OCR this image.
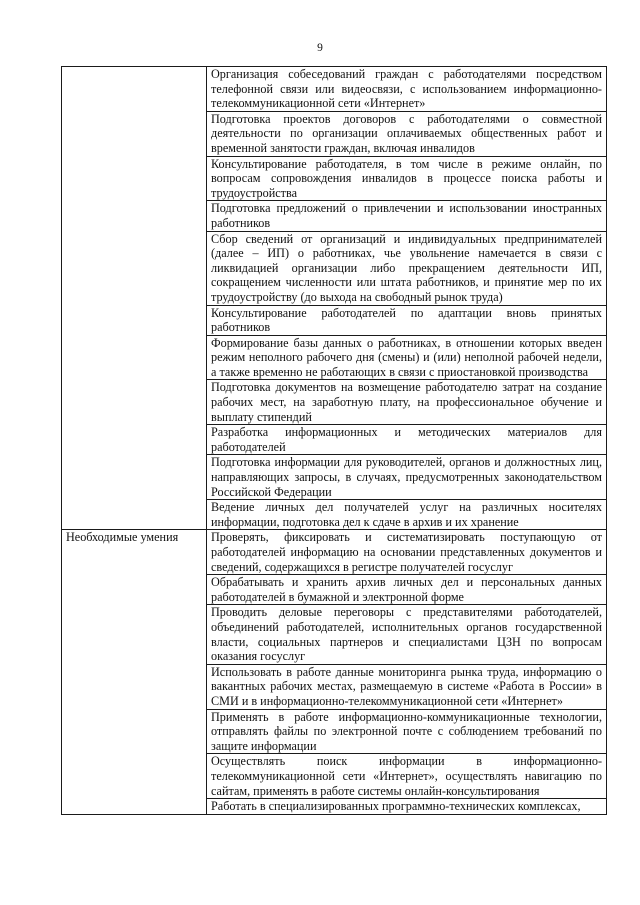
9
	Организация собеседований граждан с работодателями посредством телефонной связи или видеосвязи, с использованием информационно-телекоммуникационной сети «Интернет»
	Подготовка проектов договоров с работодателями о совместной деятельности по организации оплачиваемых общественных работ и временной занятости граждан, включая инвалидов
	Консультирование работодателя, в том числе в режиме онлайн, по вопросам сопровождения инвалидов в процессе поиска работы и трудоустройства
	Подготовка предложений о привлечении и использовании иностранных работников
	Сбор сведений от организаций и индивидуальных предпринимателей (далее – ИП) о работниках, чье увольнение намечается в связи с ликвидацией организации либо прекращением деятельности ИП, сокращением численности или штата работников, и принятие мер по их трудоустройству (до выхода на свободный рынок труда)
	Консультирование работодателей по адаптации вновь принятых работников
	Формирование базы данных о работниках, в отношении которых введен режим неполного рабочего дня (смены) и (или) неполной рабочей недели, а также временно не работающих в связи с приостановкой производства
	Подготовка документов на возмещение работодателю затрат на создание рабочих мест, на заработную плату, на профессиональное обучение и выплату стипендий
	Разработка информационных и методических материалов для работодателей
	Подготовка информации для руководителей, органов и должностных лиц, направляющих запросы, в случаях, предусмотренных законодательством Российской Федерации
	Ведение личных дел получателей услуг на различных носителях информации, подготовка дел к сдаче в архив и их хранение

Необходимые умения	Проверять, фиксировать и систематизировать поступающую от работодателей информацию на основании представленных документов и сведений, содержащихся в регистре получателей госуслуг
	Обрабатывать и хранить архив личных дел и персональных данных работодателей в бумажной и электронной форме
	Проводить деловые переговоры с представителями работодателей, объединений работодателей, исполнительных органов государственной власти, социальных партнеров и специалистами ЦЗН по вопросам оказания госуслуг
	Использовать в работе данные мониторинга рынка труда, информацию о вакантных рабочих местах, размещаемую в системе «Работа в России» в СМИ и в информационно-телекоммуникационной сети «Интернет»
	Применять в работе информационно-коммуникационные технологии, отправлять файлы по электронной почте с соблюдением требований по защите информации
	Осуществлять поиск информации в информационно-телекоммуникационной сети «Интернет», осуществлять навигацию по сайтам, применять в работе системы онлайн-консультирования
	Работать в специализированных программно-технических комплексах,
